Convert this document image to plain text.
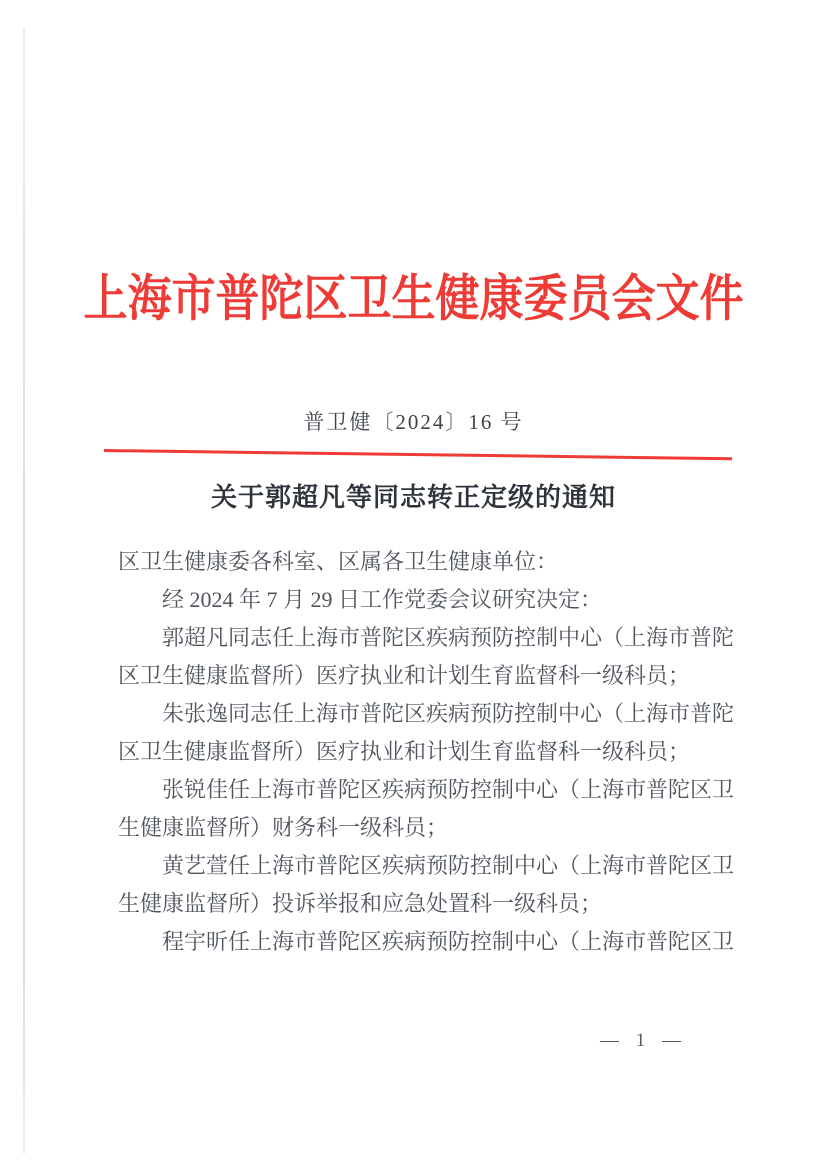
上海市普陀区卫生健康委员会文件
普卫健〔2024〕16 号
关于郭超凡等同志转正定级的通知
区卫生健康委各科室、区属各卫生健康单位：
经 2024 年 7 月 29 日工作党委会议研究决定：
郭超凡同志任上海市普陀区疾病预防控制中心（上海市普陀
区卫生健康监督所）医疗执业和计划生育监督科一级科员；
朱张逸同志任上海市普陀区疾病预防控制中心（上海市普陀
区卫生健康监督所）医疗执业和计划生育监督科一级科员；
张锐佳任上海市普陀区疾病预防控制中心（上海市普陀区卫
生健康监督所）财务科一级科员；
黄艺萱任上海市普陀区疾病预防控制中心（上海市普陀区卫
生健康监督所）投诉举报和应急处置科一级科员；
程宇昕任上海市普陀区疾病预防控制中心（上海市普陀区卫
— 1 —
